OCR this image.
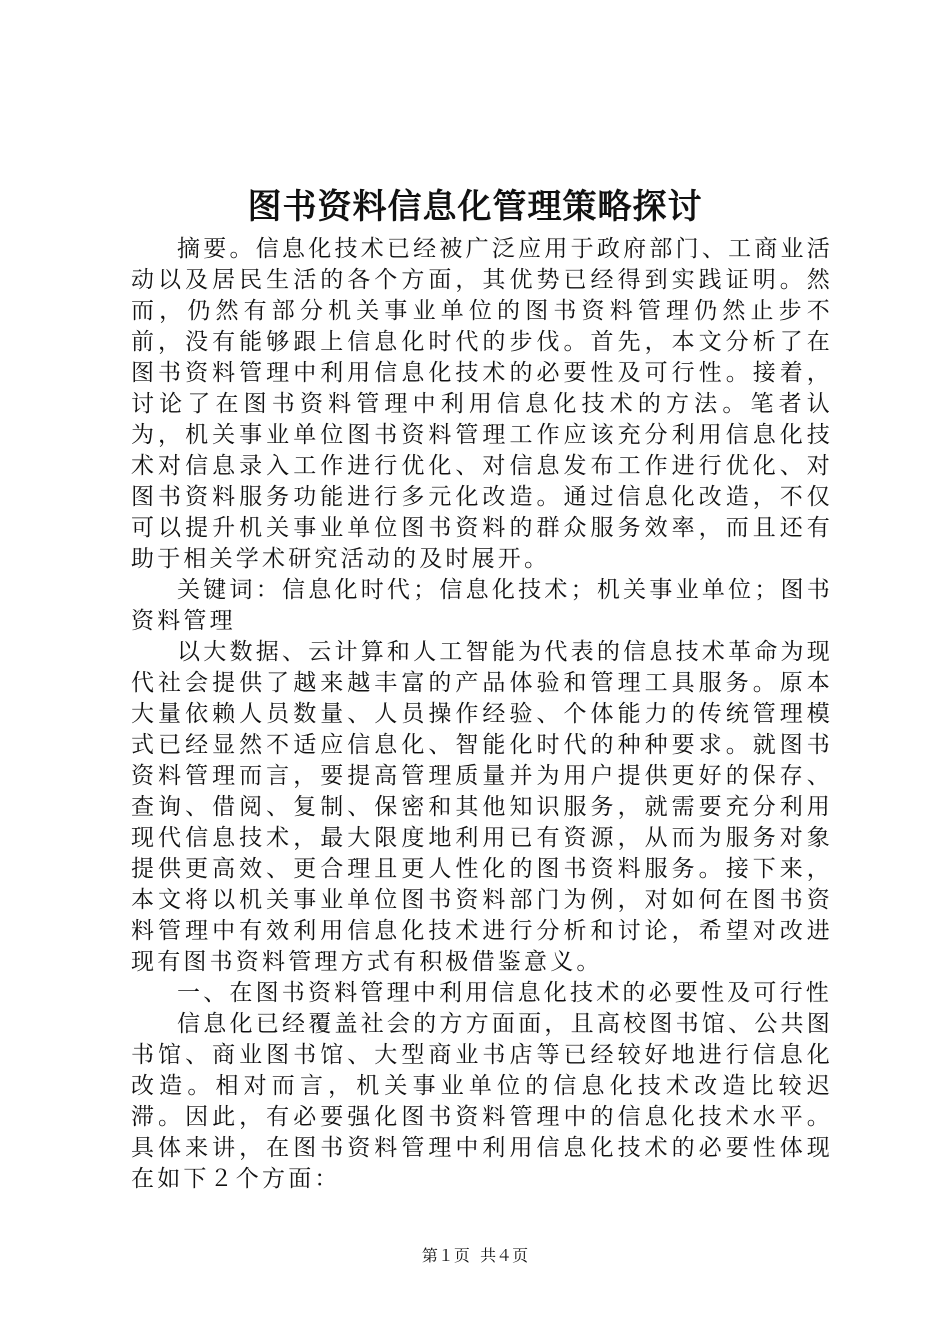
图书资料信息化管理策略探讨

摘要。信息化技术已经被广泛应用于政府部门、工商业活动以及居民生活的各个方面，其优势已经得到实践证明。然而，仍然有部分机关事业单位的图书资料管理仍然止步不前，没有能够跟上信息化时代的步伐。首先，本文分析了在图书资料管理中利用信息化技术的必要性及可行性。接着，讨论了在图书资料管理中利用信息化技术的方法。笔者认为，机关事业单位图书资料管理工作应该充分利用信息化技术对信息录入工作进行优化、对信息发布工作进行优化、对图书资料服务功能进行多元化改造。通过信息化改造，不仅可以提升机关事业单位图书资料的群众服务效率，而且还有助于相关学术研究活动的及时展开。

关键词：信息化时代；信息化技术；机关事业单位；图书资料管理

以大数据、云计算和人工智能为代表的信息技术革命为现代社会提供了越来越丰富的产品体验和管理工具服务。原本大量依赖人员数量、人员操作经验、个体能力的传统管理模式已经显然不适应信息化、智能化时代的种种要求。就图书资料管理而言，要提高管理质量并为用户提供更好的保存、查询、借阅、复制、保密和其他知识服务，就需要充分利用现代信息技术，最大限度地利用已有资源，从而为服务对象提供更高效、更合理且更人性化的图书资料服务。接下来，本文将以机关事业单位图书资料部门为例，对如何在图书资料管理中有效利用信息化技术进行分析和讨论，希望对改进现有图书资料管理方式有积极借鉴意义。

一、在图书资料管理中利用信息化技术的必要性及可行性

信息化已经覆盖社会的方方面面，且高校图书馆、公共图书馆、商业图书馆、大型商业书店等已经较好地进行信息化改造。相对而言，机关事业单位的信息化技术改造比较迟滞。因此，有必要强化图书资料管理中的信息化技术水平。具体来讲，在图书资料管理中利用信息化技术的必要性体现在如下２个方面：

第１页 共４页
